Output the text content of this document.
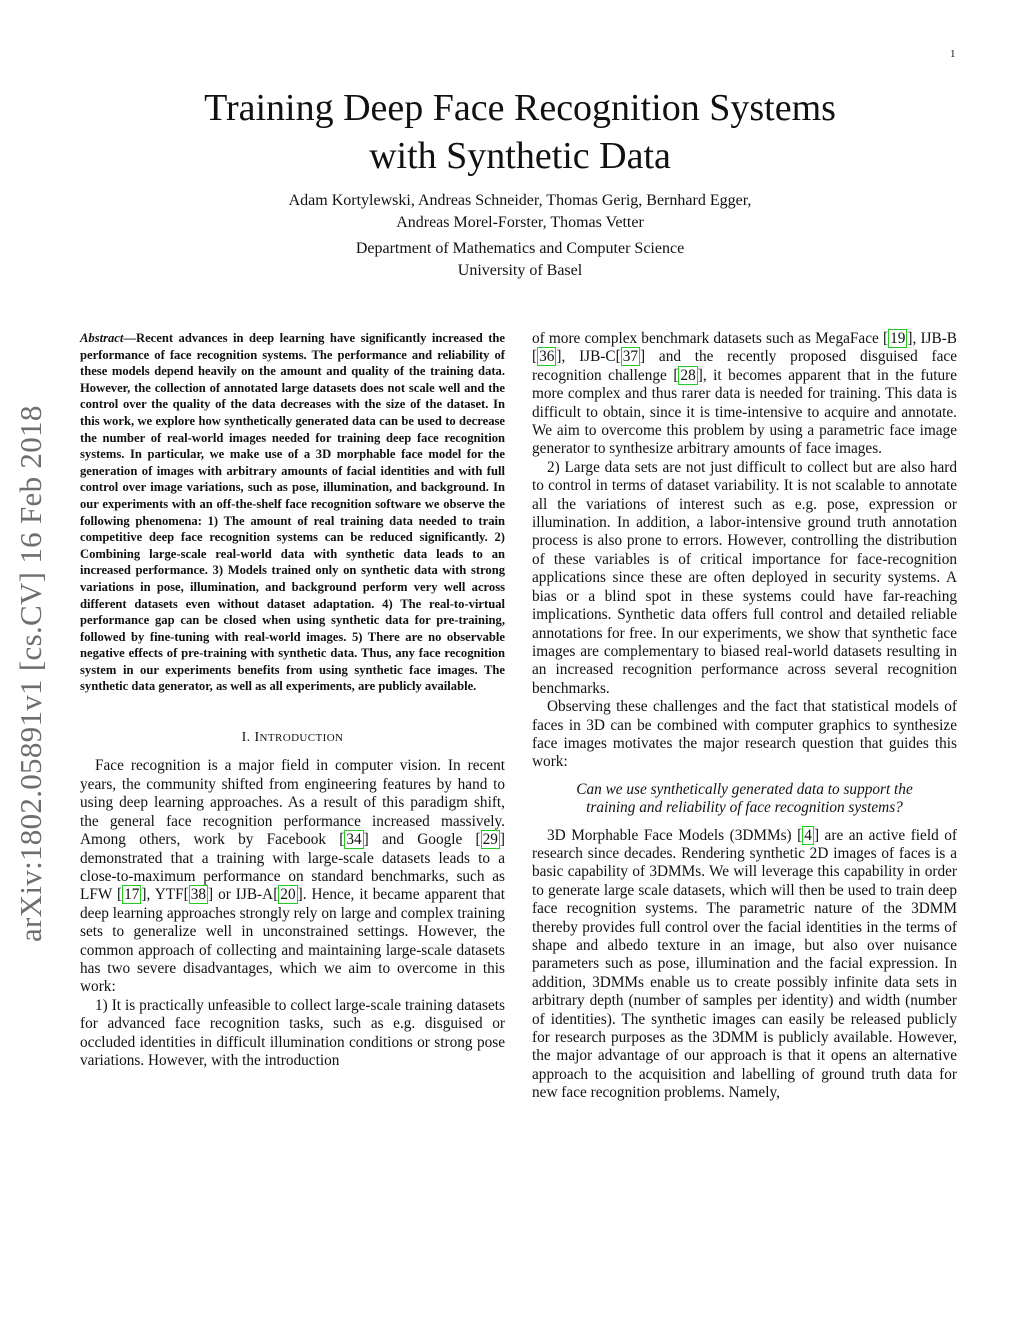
1
arXiv:1802.05891v1 [cs.CV] 16 Feb 2018
Training Deep Face Recognition Systems
with Synthetic Data
Adam Kortylewski, Andreas Schneider, Thomas Gerig, Bernhard Egger,
Andreas Morel-Forster, Thomas Vetter
Department of Mathematics and Computer Science
University of Basel

Abstract—Recent advances in deep learning have significantly increased the performance of face recognition systems. The performance and reliability of these models depend heavily on the amount and quality of the training data. However, the collection of annotated large datasets does not scale well and the control over the quality of the data decreases with the size of the dataset. In this work, we explore how synthetically generated data can be used to decrease the number of real-world images needed for training deep face recognition systems. In particular, we make use of a 3D morphable face model for the generation of images with arbitrary amounts of facial identities and with full control over image variations, such as pose, illumination, and background. In our experiments with an off-the-shelf face recognition software we observe the following phenomena: 1) The amount of real training data needed to train competitive deep face recognition systems can be reduced significantly. 2) Combining large-scale real-world data with synthetic data leads to an increased performance. 3) Models trained only on synthetic data with strong variations in pose, illumination, and background perform very well across different datasets even without dataset adaptation. 4) The real-to-virtual performance gap can be closed when using synthetic data for pre-training, followed by fine-tuning with real-world images. 5) There are no observable negative effects of pre-training with synthetic data. Thus, any face recognition system in our experiments benefits from using synthetic face images. The synthetic data generator, as well as all experiments, are publicly available.

I. INTRODUCTION

Face recognition is a major field in computer vision. In recent years, the community shifted from engineering features by hand to using deep learning approaches. As a result of this paradigm shift, the general face recognition performance increased massively. Among others, work by Facebook [ 34 ] and Google [ 29 ] demonstrated that a training with large-scale datasets leads to a close-to-maximum performance on standard benchmarks, such as LFW [ 17 ], YTF[ 38 ] or IJB-A[ 20 ]. Hence, it became apparent that deep learning approaches strongly rely on large and complex training sets to generalize well in unconstrained settings. However, the common approach of collecting and maintaining large-scale datasets has two severe disadvantages, which we aim to overcome in this work:

1) It is practically unfeasible to collect large-scale training datasets for advanced face recognition tasks, such as e.g. disguised or occluded identities in difficult illumination conditions or strong pose variations. However, with the introduction

of more complex benchmark datasets such as MegaFace [ 19 ], IJB-B [ 36 ], IJB-C[ 37 ] and the recently proposed disguised face recognition challenge [ 28 ], it becomes apparent that in the future more complex and thus rarer data is needed for training. This data is difficult to obtain, since it is time-intensive to acquire and annotate. We aim to overcome this problem by using a parametric face image generator to synthesize arbitrary amounts of face images.

2) Large data sets are not just difficult to collect but are also hard to control in terms of dataset variability. It is not scalable to annotate all the variations of interest such as e.g. pose, expression or illumination. In addition, a labor-intensive ground truth annotation process is also prone to errors. However, controlling the distribution of these variables is of critical importance for face-recognition applications since these are often deployed in security systems. A bias or a blind spot in these systems could have far-reaching implications. Synthetic data offers full control and detailed reliable annotations for free. In our experiments, we show that synthetic face images are complementary to biased real-world datasets resulting in an increased recognition performance across several recognition benchmarks.

Observing these challenges and the fact that statistical models of faces in 3D can be combined with computer graphics to synthesize face images motivates the major research question that guides this work:

Can we use synthetically generated data to support the training and reliability of face recognition systems?

3D Morphable Face Models (3DMMs) [ 4 ] are an active field of research since decades. Rendering synthetic 2D images of faces is a basic capability of 3DMMs. We will leverage this capability in order to generate large scale datasets, which will then be used to train deep face recognition systems. The parametric nature of the 3DMM thereby provides full control over the facial identities in the terms of shape and albedo texture in an image, but also over nuisance parameters such as pose, illumination and the facial expression. In addition, 3DMMs enable us to create possibly infinite data sets in arbitrary depth (number of samples per identity) and width (number of identities). The synthetic images can easily be released publicly for research purposes as the 3DMM is publicly available. However, the major advantage of our approach is that it opens an alternative approach to the acquisition and labelling of ground truth data for new face recognition problems. Namely,
